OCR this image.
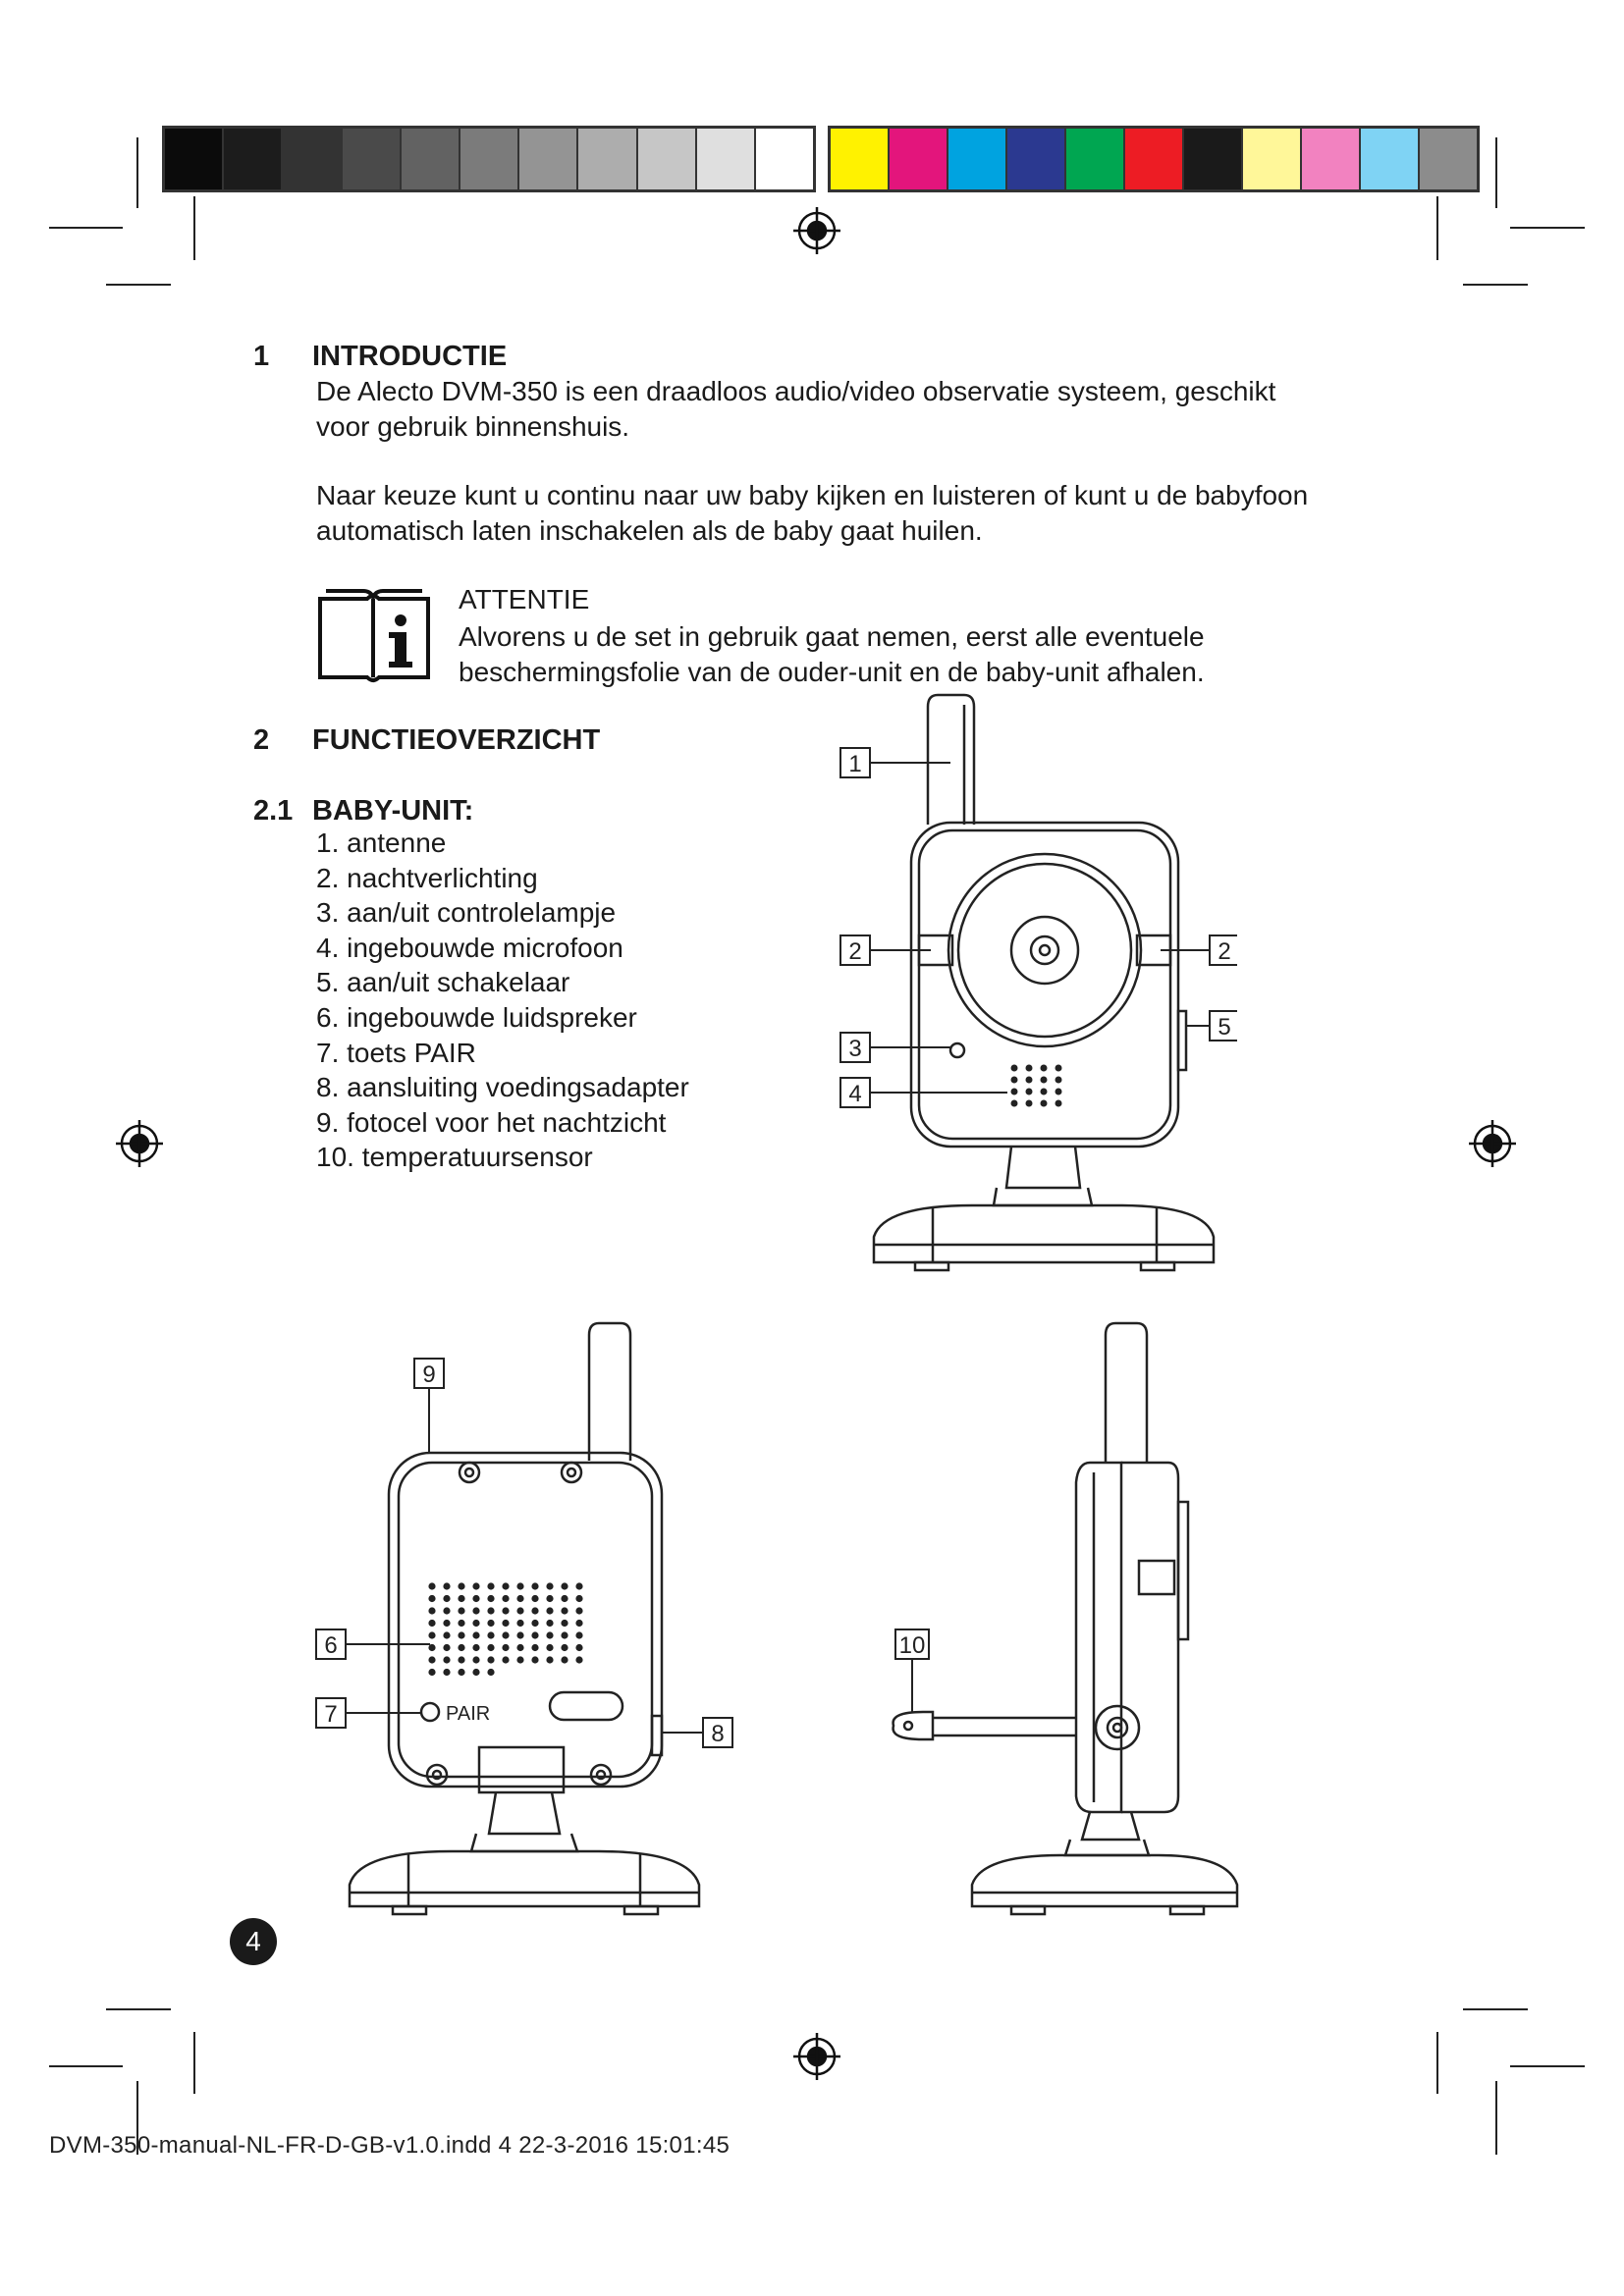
1 INTRODUCTIE
De Alecto DVM-350 is een draadloos audio/video observatie systeem, geschikt
voor gebruik binnenshuis.
Naar keuze kunt u continu naar uw baby kijken en luisteren of kunt u de babyfoon
automatisch laten inschakelen als de baby gaat huilen.
ATTENTIE
Alvorens u de set in gebruik gaat nemen, eerst alle eventuele
beschermingsfolie van de ouder-unit en de baby-unit afhalen.
2 FUNCTIEOVERZICHT
2.1 BABY-UNIT:
1. antenne
2. nachtverlichting
3. aan/uit controlelampje
4. ingebouwde microfoon
5. aan/uit schakelaar
6. ingebouwde luidspreker
7. toets PAIR
8. aansluiting voedingsadapter
9. fotocel voor het nachtzicht
10. temperatuursensor
1
2	2
3
4
5
9
6
7
8
PAIR
10
4
DVM-350-manual-NL-FR-D-GB-v1.0.indd 4 22-3-2016 15:01:45
